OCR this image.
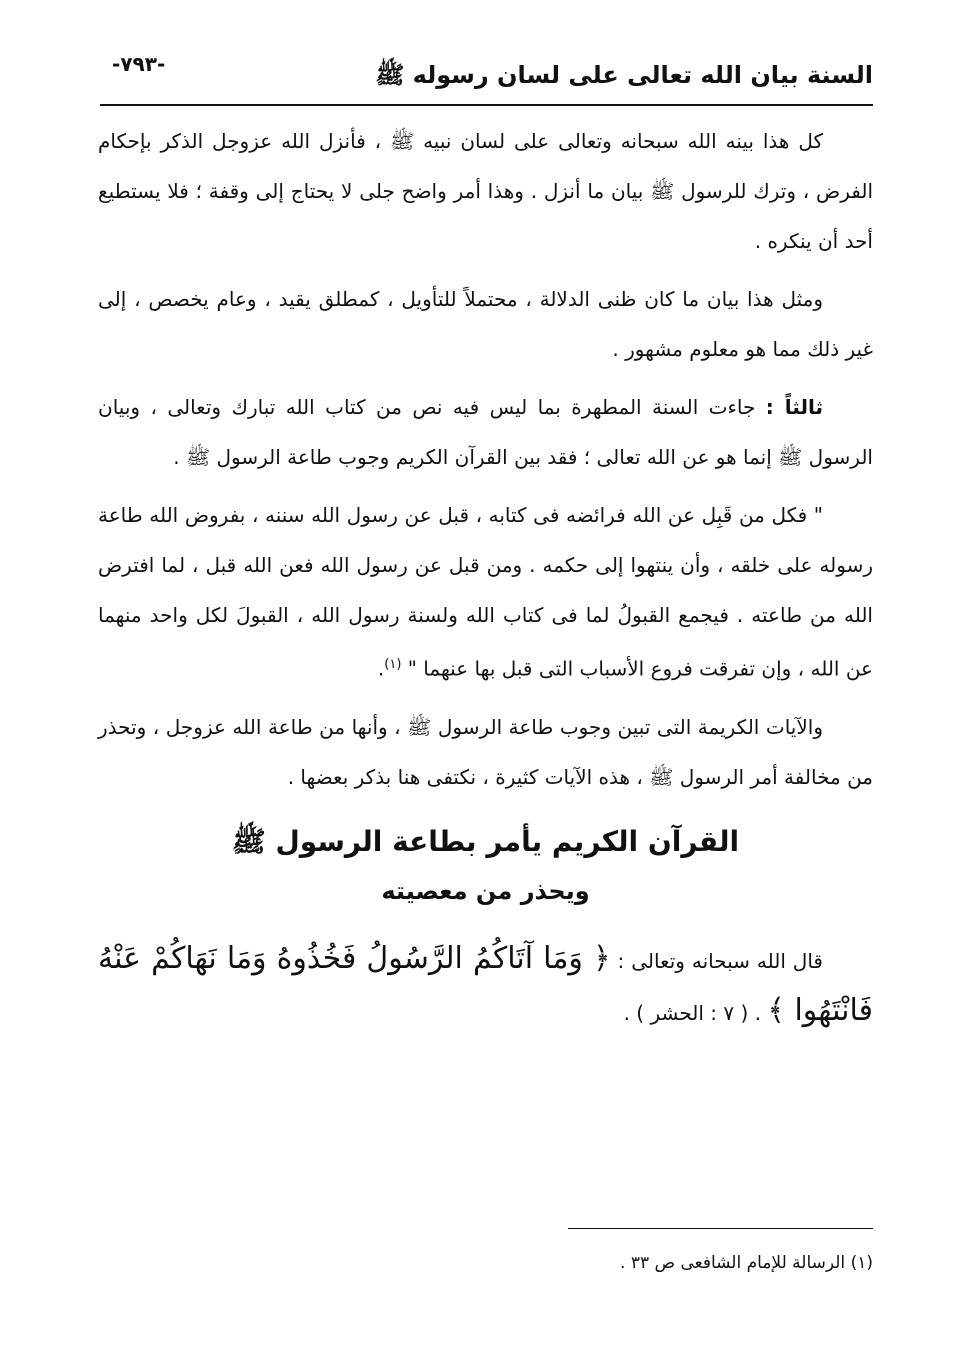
السنة بيان الله تعالى على لسان رسوله ﷺ
-٧٩٣-

كل هذا بينه الله سبحانه وتعالى على لسان نبيه ﷺ ، فأنزل الله عزوجل الذكر بإحكام الفرض ، وترك للرسول ﷺ بيان ما أنزل . وهذا أمر واضح جلى لا يحتاج إلى وقفة ؛ فلا يستطيع أحد أن ينكره .

ومثل هذا بيان ما كان ظنى الدلالة ، محتملاً للتأويل ، كمطلق يقيد ، وعام يخصص ، إلى غير ذلك مما هو معلوم مشهور .

ثالثاً : جاءت السنة المطهرة بما ليس فيه نص من كتاب الله تبارك وتعالى ، وبيان الرسول ﷺ إنما هو عن الله تعالى ؛ فقد بين القرآن الكريم وجوب طاعة الرسول ﷺ .

" فكل من قَبِل عن الله فرائضه فى كتابه ، قبل عن رسول الله سننه ، بفروض الله طاعة رسوله على خلقه ، وأن ينتهوا إلى حكمه . ومن قبل عن رسول الله فعن الله قبل ، لما افترض الله من طاعته . فيجمع القبولُ لما فى كتاب الله ولسنة رسول الله ، القبولَ لكل واحد منهما عن الله ، وإن تفرقت فروع الأسباب التى قبل بها عنهما " $^{(١)}$.

والآيات الكريمة التى تبين وجوب طاعة الرسول ﷺ ، وأنها من طاعة الله عزوجل ، وتحذر من مخالفة أمر الرسول ﷺ ، هذه الآيات كثيرة ، نكتفى هنا بذكر بعضها .

القرآن الكريم يأمر بطاعة الرسول ﷺ
ويحذر من معصيته

قال الله سبحانه وتعالى : ﴿ وَمَا آتَاكُمُ الرَّسُولُ فَخُذُوهُ وَمَا نَهَاكُمْ عَنْهُ فَانْتَهُوا ﴾ . ( ٧ : الحشر ) .

(١) الرسالة للإمام الشافعى ص ٣٣ .
